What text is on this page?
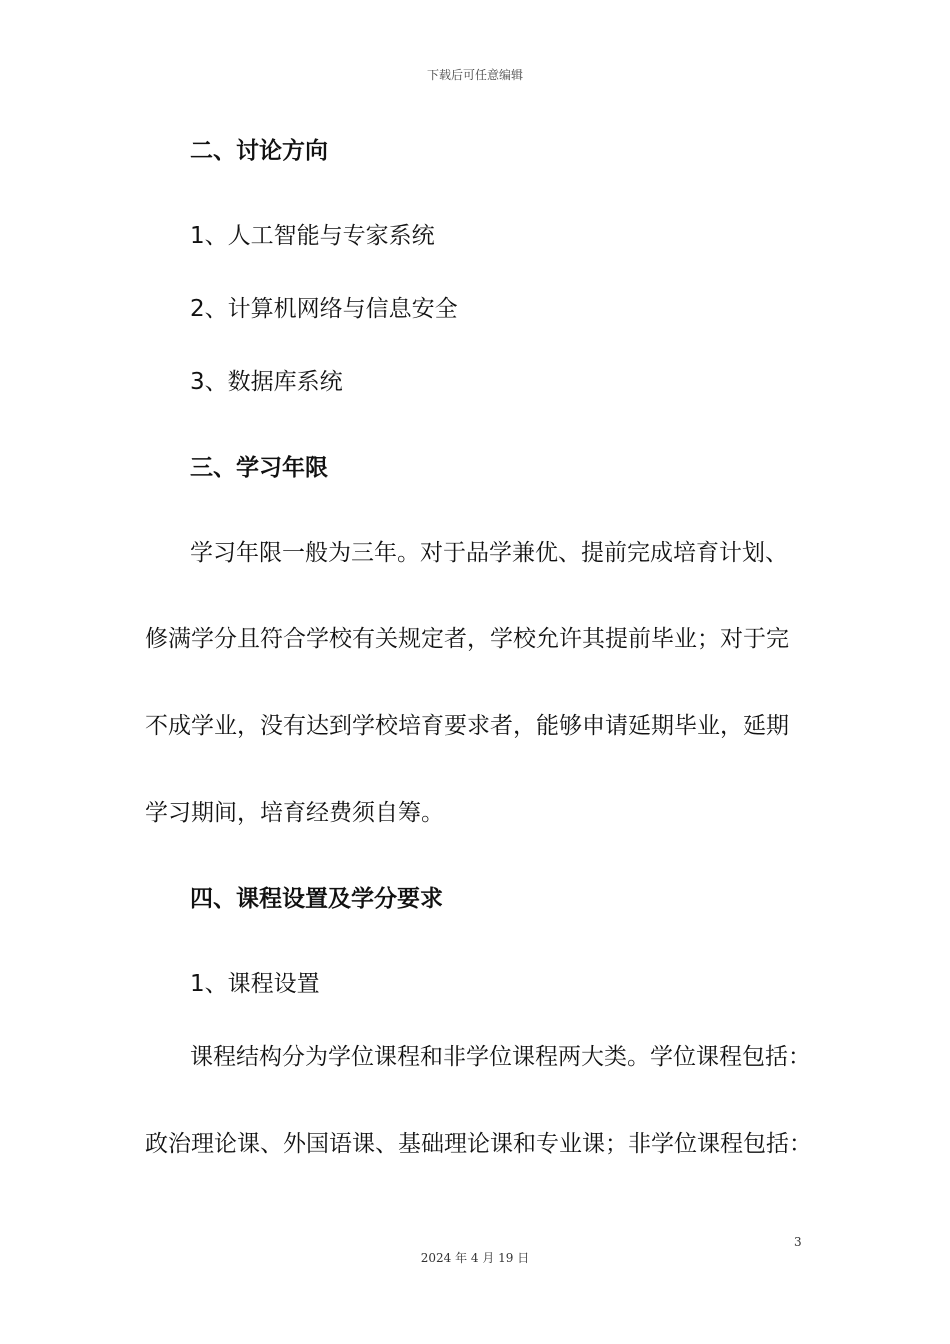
下载后可任意编辑
二、讨论方向
1、人工智能与专家系统
2、计算机网络与信息安全
3、数据库系统
三、学习年限
学习年限一般为三年。对于品学兼优、提前完成培育计划、
修满学分且符合学校有关规定者，学校允许其提前毕业；对于完
不成学业，没有达到学校培育要求者，能够申请延期毕业，延期
学习期间，培育经费须自筹。
四、课程设置及学分要求
1、课程设置
课程结构分为学位课程和非学位课程两大类。学位课程包括：
政治理论课、外国语课、基础理论课和专业课；非学位课程包括：
3
2024 年 4 月 19 日
